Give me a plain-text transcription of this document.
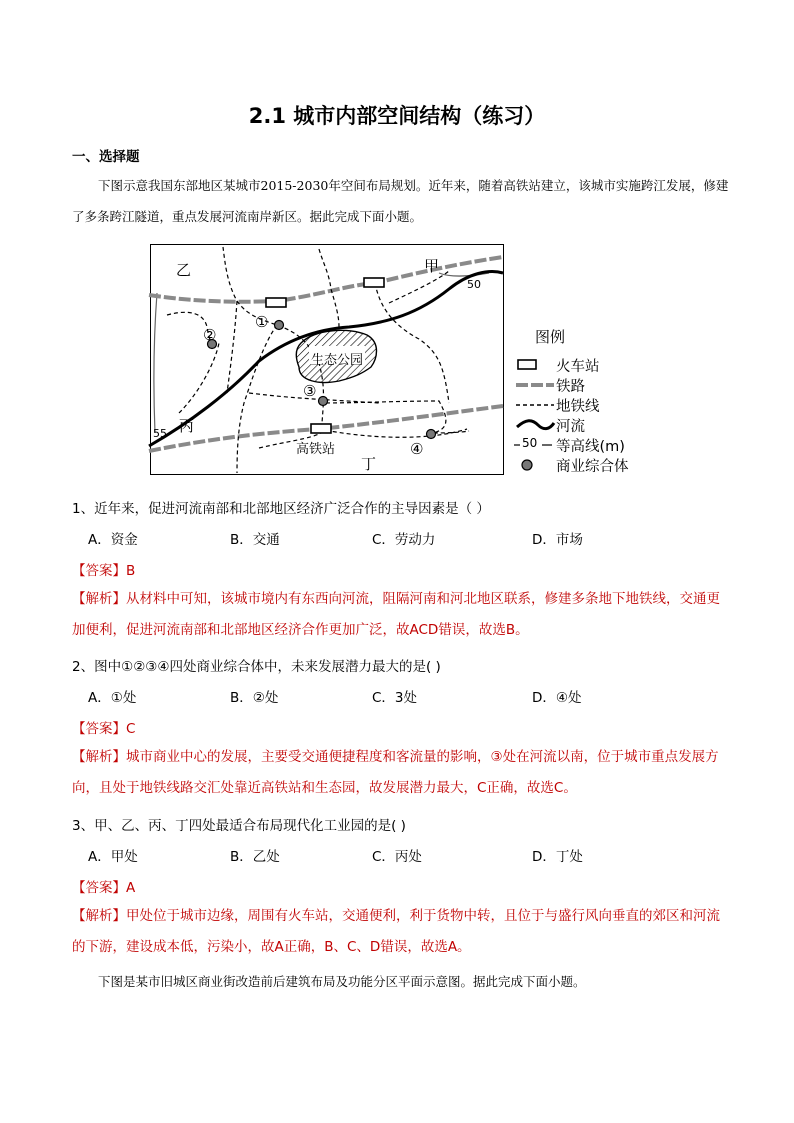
2.1 城市内部空间结构（练习）
一、选择题
下图示意我国东部地区某城市2015-2030年空间布局规划。近年来，随着高铁站建立，该城市实施跨江发展，修建了多条跨江隧道，重点发展河流南岸新区。据此完成下面小题。
乙	甲
丙
丁
50
55
生态公园
高铁站
①
②
③
④
图例
火车站
铁路
地铁线
河流
50 等高线(m)
商业综合体
1、近年来，促进河流南部和北部地区经济广泛合作的主导因素是（ ）
A．资金	B．交通	C．劳动力	D．市场
【答案】B
【解析】从材料中可知，该城市境内有东西向河流，阻隔河南和河北地区联系，修建多条地下地铁线，交通更加便利，促进河流南部和北部地区经济合作更加广泛，故ACD错误，故选B。
2、图中①②③④四处商业综合体中，未来发展潜力最大的是( )
A．①处	B．②处	C．3处	D．④处
【答案】C
【解析】城市商业中心的发展，主要受交通便捷程度和客流量的影响，③处在河流以南，位于城市重点发展方向，且处于地铁线路交汇处靠近高铁站和生态园，故发展潜力最大，C正确，故选C。
3、甲、乙、丙、丁四处最适合布局现代化工业园的是( )
A．甲处	B．乙处	C．丙处	D．丁处
【答案】A
【解析】甲处位于城市边缘，周围有火车站，交通便利，利于货物中转，且位于与盛行风向垂直的郊区和河流的下游，建设成本低，污染小，故A正确，B、C、D错误，故选A。
下图是某市旧城区商业街改造前后建筑布局及功能分区平面示意图。据此完成下面小题。
